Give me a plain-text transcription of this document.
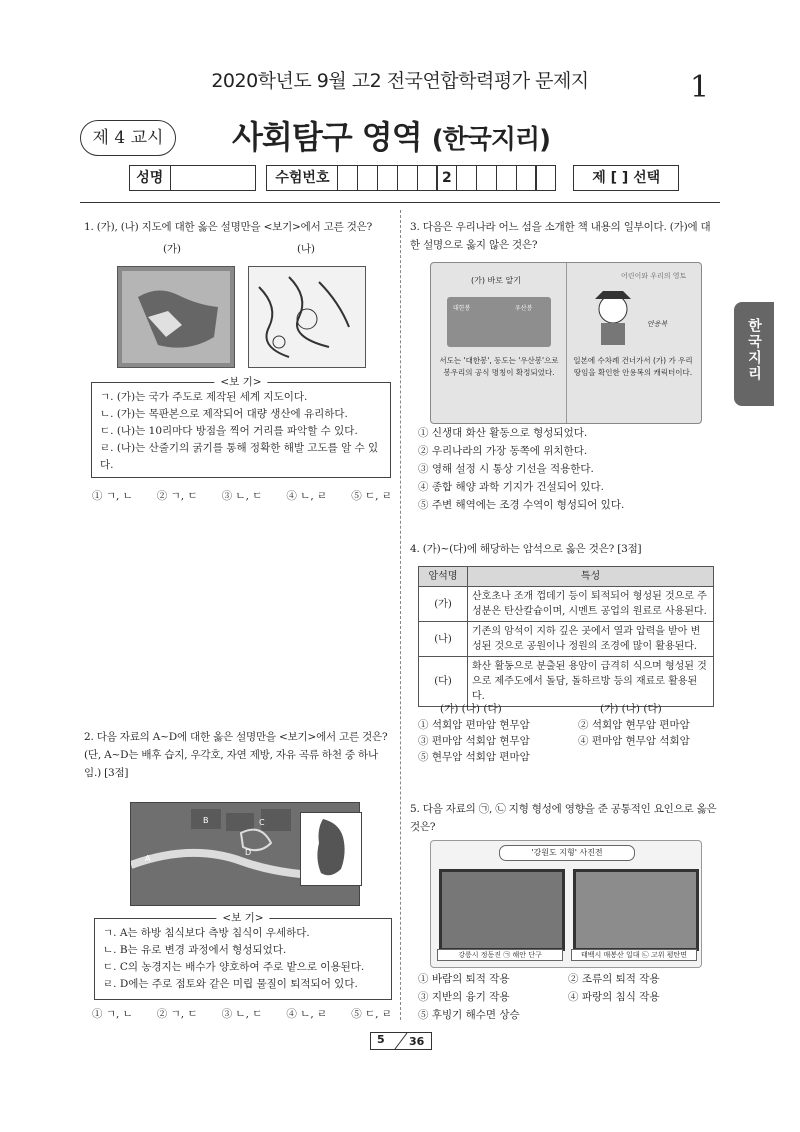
2020학년도 9월 고2 전국연합학력평가 문제지	1
제 4 교시	사회탐구 영역 (한국지리)
성명	수험번호	2	제 [ ] 선택
한국지리
1. (가), (나) 지도에 대한 옳은 설명만을 <보기>에서 고른 것은?
(가)	(나)
<보 기>
ㄱ. (가)는 국가 주도로 제작된 세계 지도이다.
ㄴ. (가)는 목판본으로 제작되어 대량 생산에 유리하다.
ㄷ. (나)는 10리마다 방점을 찍어 거리를 파악할 수 있다.
ㄹ. (나)는 산줄기의 굵기를 통해 정확한 해발 고도를 알 수 있다.
① ㄱ, ㄴ ② ㄱ, ㄷ ③ ㄴ, ㄷ ④ ㄴ, ㄹ ⑤ ㄷ, ㄹ
2. 다음 자료의 A~D에 대한 옳은 설명만을 <보기>에서 고른 것은? (단, A~D는 배후 습지, 우각호, 자연 제방, 자유 곡류 하천 중 하나임.) [3점]
A
B	C
D
<보 기>
ㄱ. A는 하방 침식보다 측방 침식이 우세하다.
ㄴ. B는 유로 변경 과정에서 형성되었다.
ㄷ. C의 농경지는 배수가 양호하여 주로 밭으로 이용된다.
ㄹ. D에는 주로 점토와 같은 미립 물질이 퇴적되어 있다.
① ㄱ, ㄴ ② ㄱ, ㄷ ③ ㄴ, ㄷ ④ ㄴ, ㄹ ⑤ ㄷ, ㄹ
3. 다음은 우리나라 어느 섬을 소개한 책 내용의 일부이다. (가)에 대한 설명으로 옳지 않은 것은?
(가) 바로 알기
대한봉	우산봉
서도는 '대한봉', 동도는 '우산봉'으로 봉우리의 공식 명칭이 확정되었다.
어린이와 우리의 영토
안용복
일본에 수차례 건너가서 (가) 가 우리 땅임을 확인한 안용복의 캐릭터이다.
① 신생대 화산 활동으로 형성되었다.
② 우리나라의 가장 동쪽에 위치한다.
③ 영해 설정 시 통상 기선을 적용한다.
④ 종합 해양 과학 기지가 건설되어 있다.
⑤ 주변 해역에는 조경 수역이 형성되어 있다.
4. (가)~(다)에 해당하는 암석으로 옳은 것은? [3점]
암석명	특성
(가)	산호초나 조개 껍데기 등이 퇴적되어 형성된 것으로 주 성분은 탄산칼슘이며, 시멘트 공업의 원료로 사용된다.
(나)	기존의 암석이 지하 깊은 곳에서 열과 압력을 받아 변성된 것으로 공원이나 정원의 조경에 많이 활용된다.
(다)	화산 활동으로 분출된 용암이 급격히 식으며 형성된 것으로 제주도에서 돌담, 돌하르방 등의 재료로 활용된다.
(가) (나) (다)	(가) (나) (다)
① 석회암 편마암 현무암	② 석회암 현무암 편마암
③ 편마암 석회암 현무암	④ 편마암 현무암 석회암
⑤ 현무암 석회암 편마암
5. 다음 자료의 ㉠, ㉡ 지형 형성에 영향을 준 공통적인 요인으로 옳은 것은?
'강원도 지형' 사진전
강릉시 정동진 ㉠ 해안 단구	태백시 매봉산 일대 ㉡ 고위 평탄면
① 바람의 퇴적 작용	② 조류의 퇴적 작용
③ 지반의 융기 작용	④ 파랑의 침식 작용
⑤ 후빙기 해수면 상승
5 36
